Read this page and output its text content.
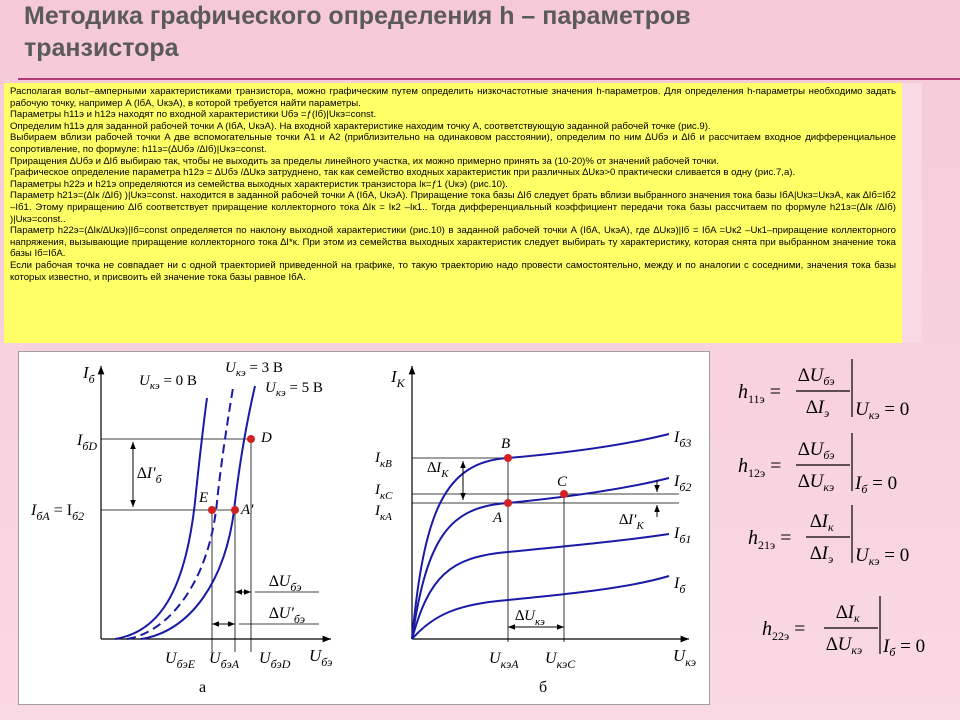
Методика графического определения h – параметров
транзистора

Располагая вольт–амперными характеристиками транзистора, можно графическим путем определить низкочастотные значения h-параметров. Для определения h-параметры необходимо задать рабочую точку, например A (IбA, UкэA), в которой требуется найти параметры.

Параметры h11э и h12э находят по входной характеристики Uбэ =ƒ(Iб)|Uкэ=const.

Определим h11э для заданной рабочей точки A (IбA, UкэA). На входной характеристике находим точку A, соответствующую заданной рабочей точке (рис.9).

Выбираем вблизи рабочей точки A две вспомогательные точки A1 и A2 (приблизительно на одинаковом расстоянии), определим по ним ∆Uбэ и ∆Iб и рассчитаем входное дифференциальное сопротивление, по формуле: h11э=(∆Uбэ /∆Iб)|Uкэ=const.

Приращения ∆Uбэ и ∆Iб выбираю так, чтобы не выходить за пределы линейного участка, их можно примерно принять за (10-20)% от значений рабочей точки.

Графическое определение параметра h12э = ∆Uбэ /∆Uкэ затруднено, так как семейство входных характеристик при различных ∆Uкэ>0 практически сливается в одну (рис.7,а).

Параметры h22э и h21э определяются из семейства выходных характеристик транзистора Iк=ƒ1 (Uкэ) (рис.10).

Параметр h21э=(∆Iк /∆Iб) )|Uкэ=const. находится в заданной рабочей точки A (IбA, UкэA). Приращение тока базы ∆Iб следует брать вблизи выбранного значения тока базы IбA|Uкэ=UкэA, как ∆Iб=Iб2 –Iб1. Этому приращению ∆Iб соответствует приращение коллекторного тока ∆Iк = Iк2 –Iк1.. Тогда дифференциальный коэффициент передачи тока базы рассчитаем по формуле h21э=(∆Iк /∆Iб) )|Uкэ=const..

Параметр h22э=(∆Iк/∆Uкэ)|Iб=const определяется по наклону выходной характеристики (рис.10) в заданной рабочей точки A (IбA, UкэA), где ∆Uкэ)|Iб = IбA =Uк2 –Uк1–приращение коллекторного напряжения, вызывающие приращение коллекторного тока ∆I*к. При этом из семейства выходных характеристик следует выбирать ту характеристику, которая снята при выбранном значение тока базы Iб=IбA.

Если рабочая точка не совпадает ни с одной траекторией приведенной на графике, то такую траекторию надо провести самостоятельно, между и по аналогии с соседними, значения тока базы которых известно, и присвоить ей значение тока базы равное IбA.

$I_б$
$U_{бэ}$
$U_{кэ} = 0$ В
$U_{кэ} = 3$ В
$U_{кэ} = 5$ В
$I_{бD}$
$I_{бA} = I_{б2}$
$\Delta I'_б$
E
A′
D
$\Delta U_{бэ}$
$\Delta U'_{бэ}$
$U_{бэE}$ $U_{бэA}$ $U_{бэD}$
а
$I_К$
$U_{кэ}$
$I_{б3}$
$I_{б2}$
$I_{б1}$
$I_б$
$I_{кB}$
$I_{кC}$
$I_{кA}$
$\Delta I_К$
$\Delta I'_К$
B
A
C
$\Delta U_{кэ}$
$U_{кэA}$ $U_{кэC}$
б
$h_{11э}$ =
$\Delta U_{бэ}$
$\Delta I_э$ $U_{кэ} = 0$
$h_{12э}$ =
$\Delta U_{бэ}$
$\Delta U_{кэ}$ $I_б = 0$
$h_{21э}$ =
$\Delta I_к$
$\Delta I_э$ $U_{кэ} = 0$
$h_{22э}$ =
$\Delta I_к$
$\Delta U_{кэ}$ $I_б = 0$
